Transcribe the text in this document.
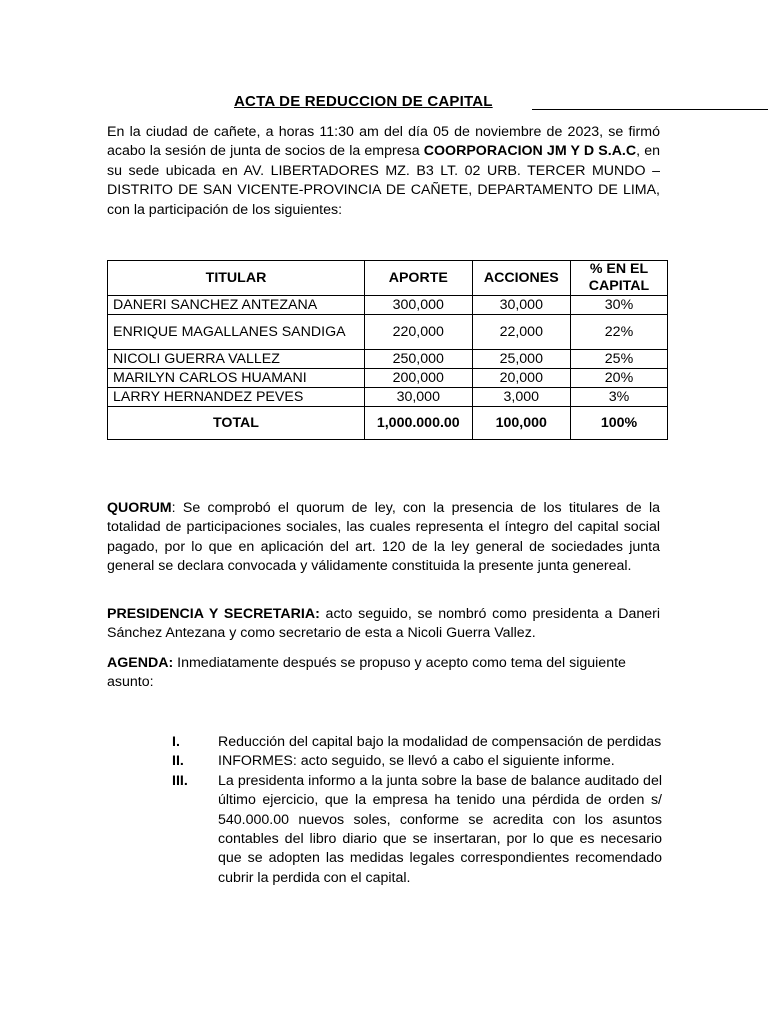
ACTA DE REDUCCION DE CAPITAL

En la ciudad de cañete, a horas 11:30 am del día 05 de noviembre de 2023, se firmó acabo la sesión de junta de socios de la empresa COORPORACION JM Y D S.A.C, en su sede ubicada en AV. LIBERTADORES MZ. B3 LT. 02 URB. TERCER MUNDO – DISTRITO DE SAN VICENTE-PROVINCIA DE CAÑETE, DEPARTAMENTO DE LIMA, con la participación de los siguientes:

TITULAR	APORTE	ACCIONES	% EN EL CAPITAL
DANERI SANCHEZ ANTEZANA	300,000	30,000	30%
ENRIQUE MAGALLANES SANDIGA	220,000	22,000	22%
NICOLI GUERRA VALLEZ	250,000	25,000	25%
MARILYN CARLOS HUAMANI	200,000	20,000	20%
LARRY HERNANDEZ PEVES	30,000	3,000	3%
TOTAL	1,000.000.00	100,000	100%

QUORUM: Se comprobó el quorum de ley, con la presencia de los titulares de la totalidad de participaciones sociales, las cuales representa el íntegro del capital social pagado, por lo que en aplicación del art. 120 de la ley general de sociedades junta general se declara convocada y válidamente constituida la presente junta genereal.

PRESIDENCIA Y SECRETARIA: acto seguido, se nombró como presidenta a Daneri Sánchez Antezana y como secretario de esta a Nicoli Guerra Vallez.

AGENDA: Inmediatamente después se propuso y acepto como tema del siguiente asunto:

I.	Reducción del capital bajo la modalidad de compensación de perdidas
II.	INFORMES: acto seguido, se llevó a cabo el siguiente informe.
III.	La presidenta informo a la junta sobre la base de balance auditado del último ejercicio, que la empresa ha tenido una pérdida de orden s/ 540.000.00 nuevos soles, conforme se acredita con los asuntos contables del libro diario que se insertaran, por lo que es necesario que se adopten las medidas legales correspondientes recomendado cubrir la perdida con el capital.
